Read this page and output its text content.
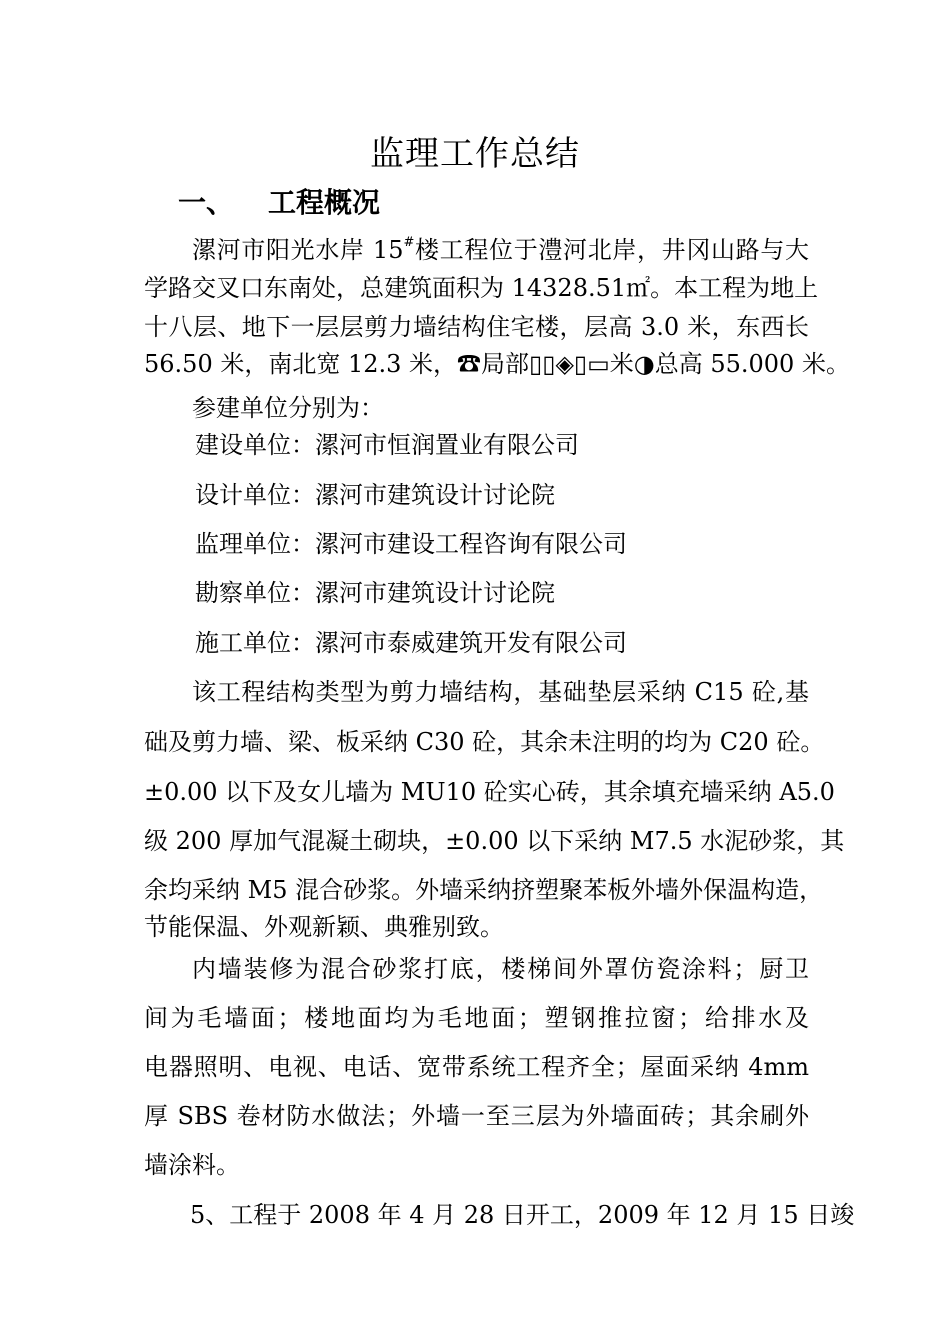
监理工作总结
一、 工程概况
漯河市阳光水岸 15#楼工程位于澧河北岸，井冈山路与大
学路交叉口东南处，总建筑面积为 14328.51㎡。本工程为地上
十八层、地下一层层剪力墙结构住宅楼，层高 3.0 米，东西长
56.50 米，南北宽 12.3 米，☎局部▯▯◈▯▭米◑总高 55.000 米。
参建单位分别为：
建设单位：漯河市恒润置业有限公司
设计单位：漯河市建筑设计讨论院
监理单位：漯河市建设工程咨询有限公司
勘察单位：漯河市建筑设计讨论院
施工单位：漯河市泰威建筑开发有限公司
该工程结构类型为剪力墙结构，基础垫层采纳 C15 砼,基
础及剪力墙、梁、板采纳 C30 砼，其余未注明的均为 C20 砼。
±0.00 以下及女儿墙为 MU10 砼实心砖，其余填充墙采纳 A5.0
级 200 厚加气混凝土砌块，±0.00 以下采纳 M7.5 水泥砂浆，其
余均采纳 M5 混合砂浆。外墙采纳挤塑聚苯板外墙外保温构造，
节能保温、外观新颖、典雅别致。
内墙装修为混合砂浆打底，楼梯间外罩仿瓷涂料；厨卫
间为毛墙面；楼地面均为毛地面；塑钢推拉窗；给排水及
电器照明、电视、电话、宽带系统工程齐全；屋面采纳 4mm
厚 SBS 卷材防水做法；外墙一至三层为外墙面砖；其余刷外
墙涂料。
5、工程于 2008 年 4 月 28 日开工，2009 年 12 月 15 日竣
